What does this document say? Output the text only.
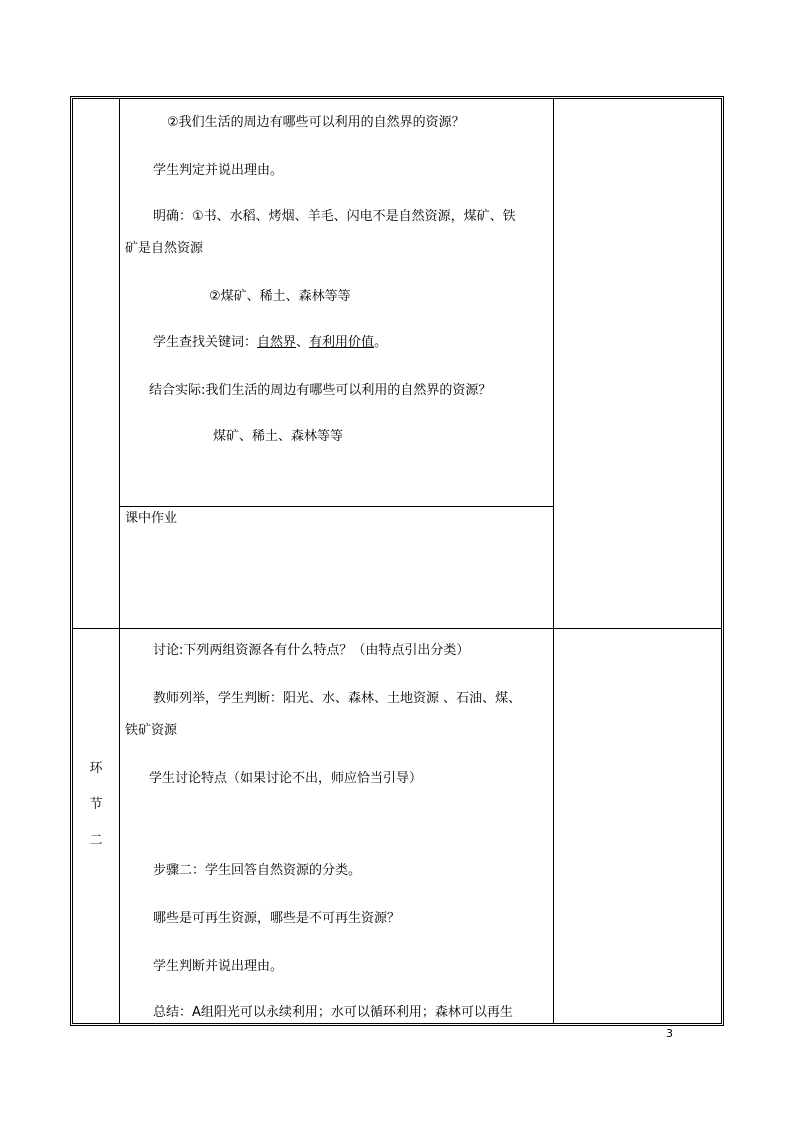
②我们生活的周边有哪些可以利用的自然界的资源？
学生判定并说出理由。
明确：①书、水稻、烤烟、羊毛、闪电不是自然资源，煤矿、铁
矿是自然资源
②煤矿、稀土、森林等等
学生查找关键词：自然界、有利用价值。
结合实际:我们生活的周边有哪些可以利用的自然界的资源？
煤矿、稀土、森林等等
课中作业
环
节
二
讨论:下列两组资源各有什么特点？（由特点引出分类）
教师列举，学生判断：阳光、水、森林、土地资源 、石油、煤、
铁矿资源
学生讨论特点（如果讨论不出，师应恰当引导）
步骤二：学生回答自然资源的分类。
哪些是可再生资源，哪些是不可再生资源？
学生判断并说出理由。
总结：A组阳光可以永续利用；水可以循环利用；森林可以再生
3
